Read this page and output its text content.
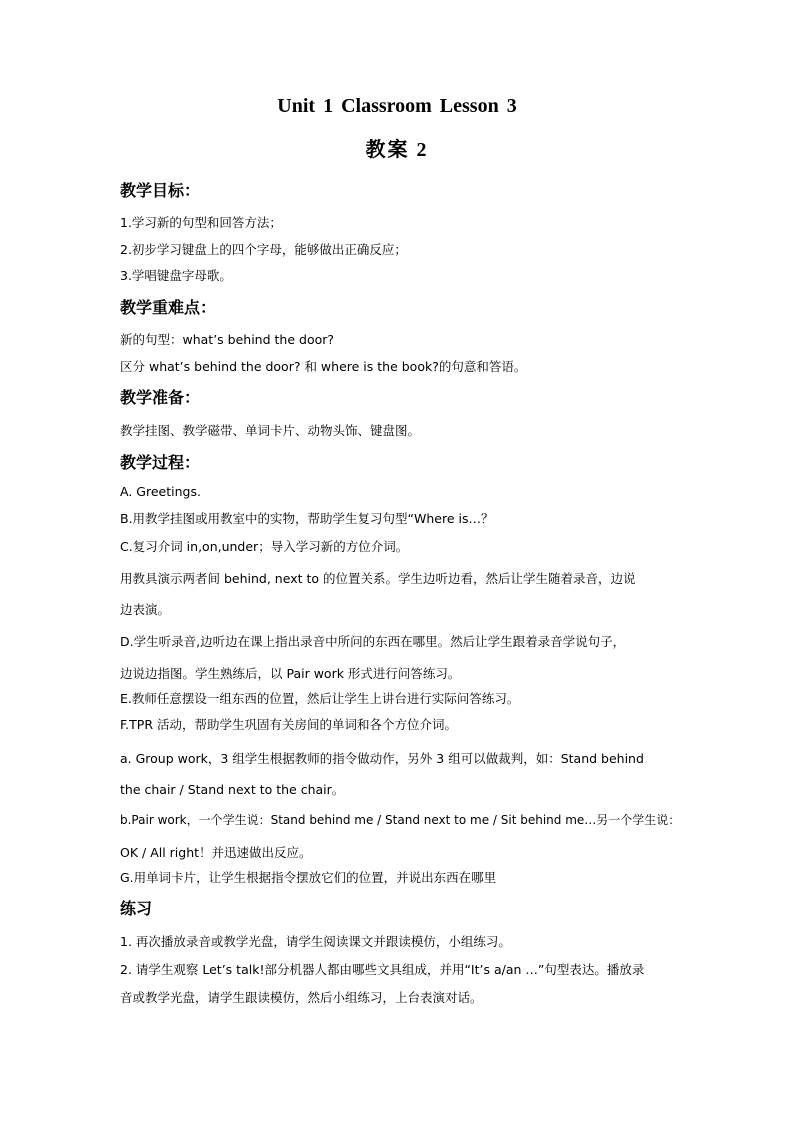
Unit 1 Classroom Lesson 3
教案 2
教学目标：
1.学习新的句型和回答方法；
2.初步学习键盘上的四个字母，能够做出正确反应；
3.学唱键盘字母歌。
教学重难点：
新的句型：what’s behind the door?
区分 what’s behind the door? 和 where is the book?的句意和答语。
教学准备：
教学挂图、教学磁带、单词卡片、动物头饰、键盘图。
教学过程：
A. Greetings.
B.用教学挂图或用教室中的实物，帮助学生复习句型“Where is…？
C.复习介词 in,on,under；导入学习新的方位介词。
用教具演示两者间 behind, next to 的位置关系。学生边听边看，然后让学生随着录音，边说
边表演。
D.学生听录音,边听边在课上指出录音中所问的东西在哪里。然后让学生跟着录音学说句子，
边说边指图。学生熟练后，以 Pair work 形式进行问答练习。
E.教师任意摆设一组东西的位置，然后让学生上讲台进行实际问答练习。
F.TPR 活动，帮助学生巩固有关房间的单词和各个方位介词。
a. Group work，3 组学生根据教师的指令做动作，另外 3 组可以做裁判，如：Stand behind
the chair / Stand next to the chair。
b.Pair work，一个学生说：Stand behind me / Stand next to me / Sit behind me…另一个学生说：
OK / All right！并迅速做出反应。
G.用单词卡片，让学生根据指令摆放它们的位置，并说出东西在哪里
练习
1. 再次播放录音或教学光盘，请学生阅读课文并跟读模仿，小组练习。
2. 请学生观察 Let’s talk!部分机器人都由哪些文具组成，并用“It’s a/an …”句型表达。播放录
音或教学光盘，请学生跟读模仿，然后小组练习，上台表演对话。
